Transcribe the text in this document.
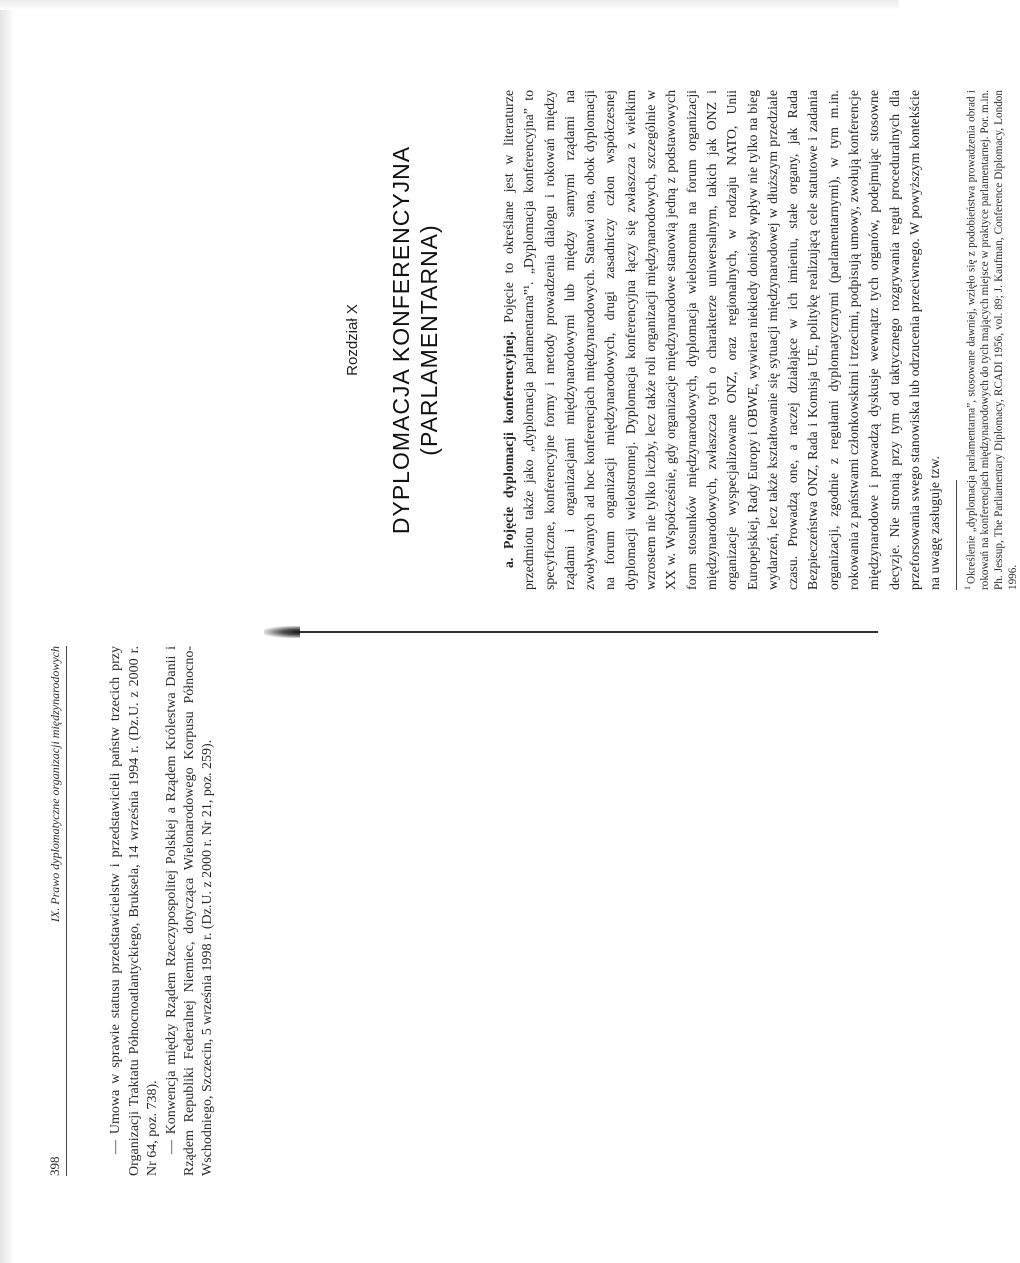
398
IX. Prawo dyplomatyczne organizacji międzynarodowych	— Umowa w sprawie statusu przedstawicielstw i przedstawicieli państw trzecich przy Organizacji Traktatu Północnoatlantyckiego, Bruksela, 14 września 1994 r. (Dz.U. z 2000 r. Nr 64, poz. 738). — Konwencja między Rządem Rzeczypospolitej Polskiej a Rządem Królestwa Danii i Rządem Republiki Federalnej Niemiec, dotycząca Wielonarodowego Korpusu Północno-Wschodniego, Szczecin, 5 września 1998 r. (Dz.U. z 2000 r. Nr 21, poz. 259).

Rozdział X DYPLOMACJA KONFERENCYJNA (PARLAMENTARNA)	a. Pojęcie dyplomacji konferencyjnej. Pojęcie to określane jest w literaturze przedmiotu także jako „dyplomacja parlamentarna”¹. „Dyplomacja konferencyjna” to specyficzne, konferencyjne formy i metody prowadzenia dialogu i rokowań między rządami i organizacjami międzynarodowymi lub między samymi rządami na zwoływanych ad hoc konferencjach międzynarodowych. Stanowi ona, obok dyplomacji na forum organizacji międzynarodowych, drugi zasadniczy człon współczesnej dyplomacji wielostronnej. Dyplomacja konferencyjna łączy się zwłaszcza z wielkim wzrostem nie tylko liczby, lecz także roli organizacji międzynarodowych, szczególnie w XX w. Współcześnie, gdy organizacje międzynarodowe stanowią jedną z podstawowych form stosunków międzynarodowych, dyplomacja wielostronna na forum organizacji międzynarodowych, zwłaszcza tych o charakterze uniwersalnym, takich jak ONZ i organizacje wyspecjalizowane ONZ, oraz regionalnych, w rodzaju NATO, Unii Europejskiej, Rady Europy i OBWE, wywiera niekiedy doniosły wpływ nie tylko na bieg wydarzeń, lecz także kształtowanie się sytuacji międzynarodowej w dłuższym przedziale czasu. Prowadzą one, a raczej działające w ich imieniu, stałe organy, jak Rada Bezpieczeństwa ONZ, Rada i Komisja UE, politykę realizującą cele statutowe i zadania organizacji, zgodnie z regułami dyplomatycznymi (parlamentarnymi), w tym m.in. rokowania z państwami członkowskimi i trzecimi, podpisują umowy, zwołują konferencje międzynarodowe i prowadzą dyskusje wewnątrz tych organów, podejmując stosowne decyzje. Nie stronią przy tym od taktycznego rozgrywania reguł proceduralnych dla przeforsowania swego stanowiska lub odrzucenia przeciwnego. W powyższym kontekście na uwagę zasługuje tzw.	$^1$Określenie „dyplomacja parlamentarna”, stosowane dawniej, wzięło się z podobieństwa prowadzenia obrad i rokowań na konferencjach międzynarodowych do tych mających miejsce w praktyce parlamentarnej. Por. m.in. Ph. Jessup, The Parliamentary Diplomacy, RCADI 1956, vol. 89; J. Kaufman, Conference Diplomacy, London 1996.
